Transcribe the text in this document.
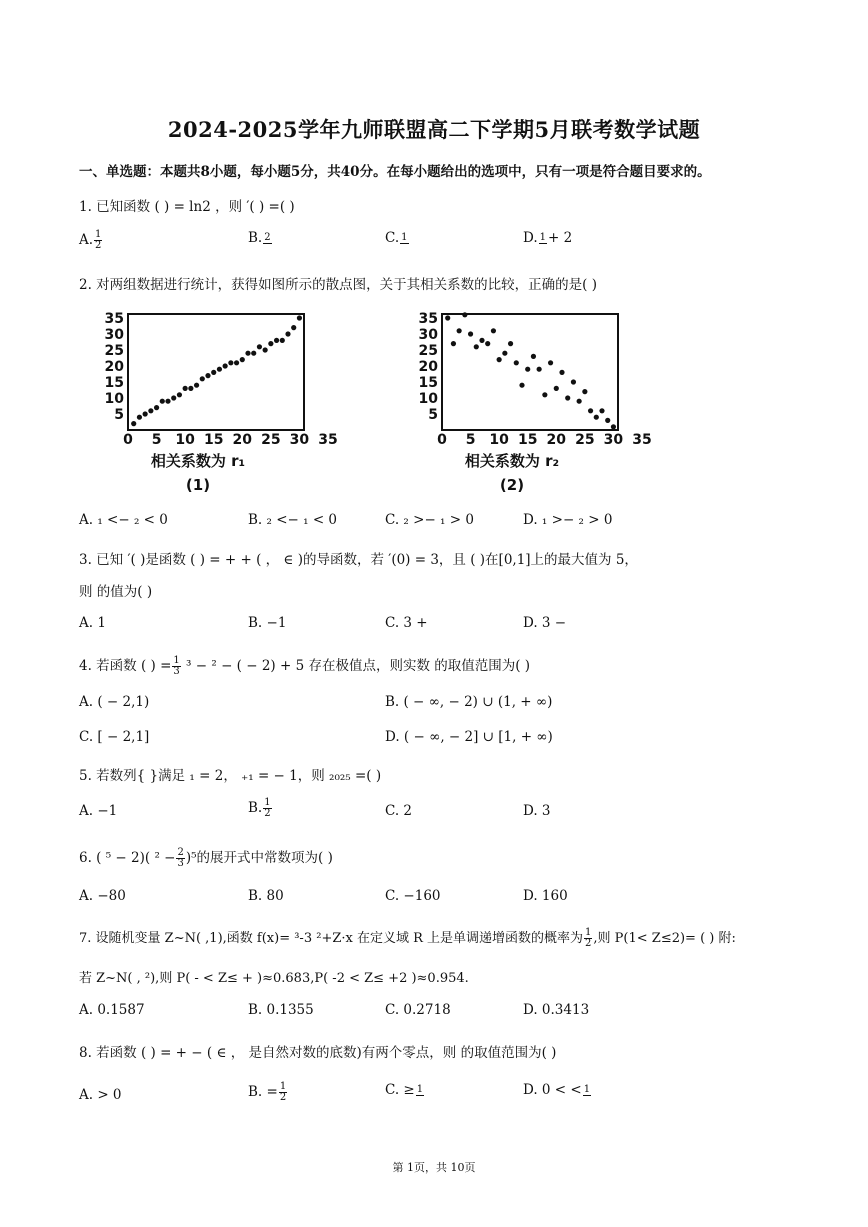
2024-2025学年九师联盟高二下学期5月联考数学试题
一、单选题：本题共8小题，每小题5分，共40分。在每小题给出的选项中，只有一项是符合题目要求的。
1. 已知函数 ( ) = ln2 ，则 ′( ) =( )
A. $\frac{1}{2}$	B. 2	C. 1	D. 1 + 2
2. 对两组数据进行统计，获得如图所示的散点图，关于其相关系数的比较，正确的是( )
0 5 10 15 20 25 30 35
5
10
15
20
25
30
35
相关系数为 r₁
(1)
0 5 10 15 20 25 30 35
5
10
15
20
25
30
35
相关系数为 r₂
(2)
A. ₁ <− ₂ < 0	B. ₂ <− ₁ < 0	C. ₂ >− ₁ > 0	D. ₁ >− ₂ > 0
3. 已知 ′( )是函数 ( ) = + + ( ， ∈ )的导函数，若 ′(0) = 3，且 ( )在[0,1]上的最大值为 5，
则 的值为( )
A. 1	B. −1	C. 3 +	D. 3 −
4. 若函数 ( ) = $\frac{1}{3} ^3 - ^2$ − ( − 2) + 5 存在极值点，则实数 的取值范围为( )
A. ( − 2,1)	B. ( − ∞, − 2) ∪ (1, + ∞)
C. [ − 2,1]	D. ( − ∞, − 2] ∪ [1, + ∞)
5. 若数列{ }满足 ₁ = 2， ₊₁ = − 1，则 ₂₀₂₅ =( )
A. −1	B. $\frac{1}{2}$	C. 2	D. 3
6. ( ⁵ − 2)( $^2 - \frac{2}{3} )^5$的展开式中常数项为( )
A. −80	B. 80	C. −160	D. 160
7. 设随机变量 Z~N( ,1),函数 f(x)= ³-3 ²+Z·x 在定义域 R 上是单调递增函数的概率为 $\frac{1}{2}$ ,则 P(1< Z≤2)= ( ) 附:
若 Z~N( , ²),则 P( - < Z≤ + )≈0.683,P( -2 < Z≤ +2 )≈0.954.
A. 0.1587	B. 0.1355	C. 0.2718	D. 0.3413
8. 若函数 ( ) = + − ( ∈ ， 是自然对数的底数)有两个零点，则 的取值范围为( )
A. > 0	B. = $\frac{1}{2}$	C. ≥ 1	D. 0 < < 1
第 1页，共 10页
